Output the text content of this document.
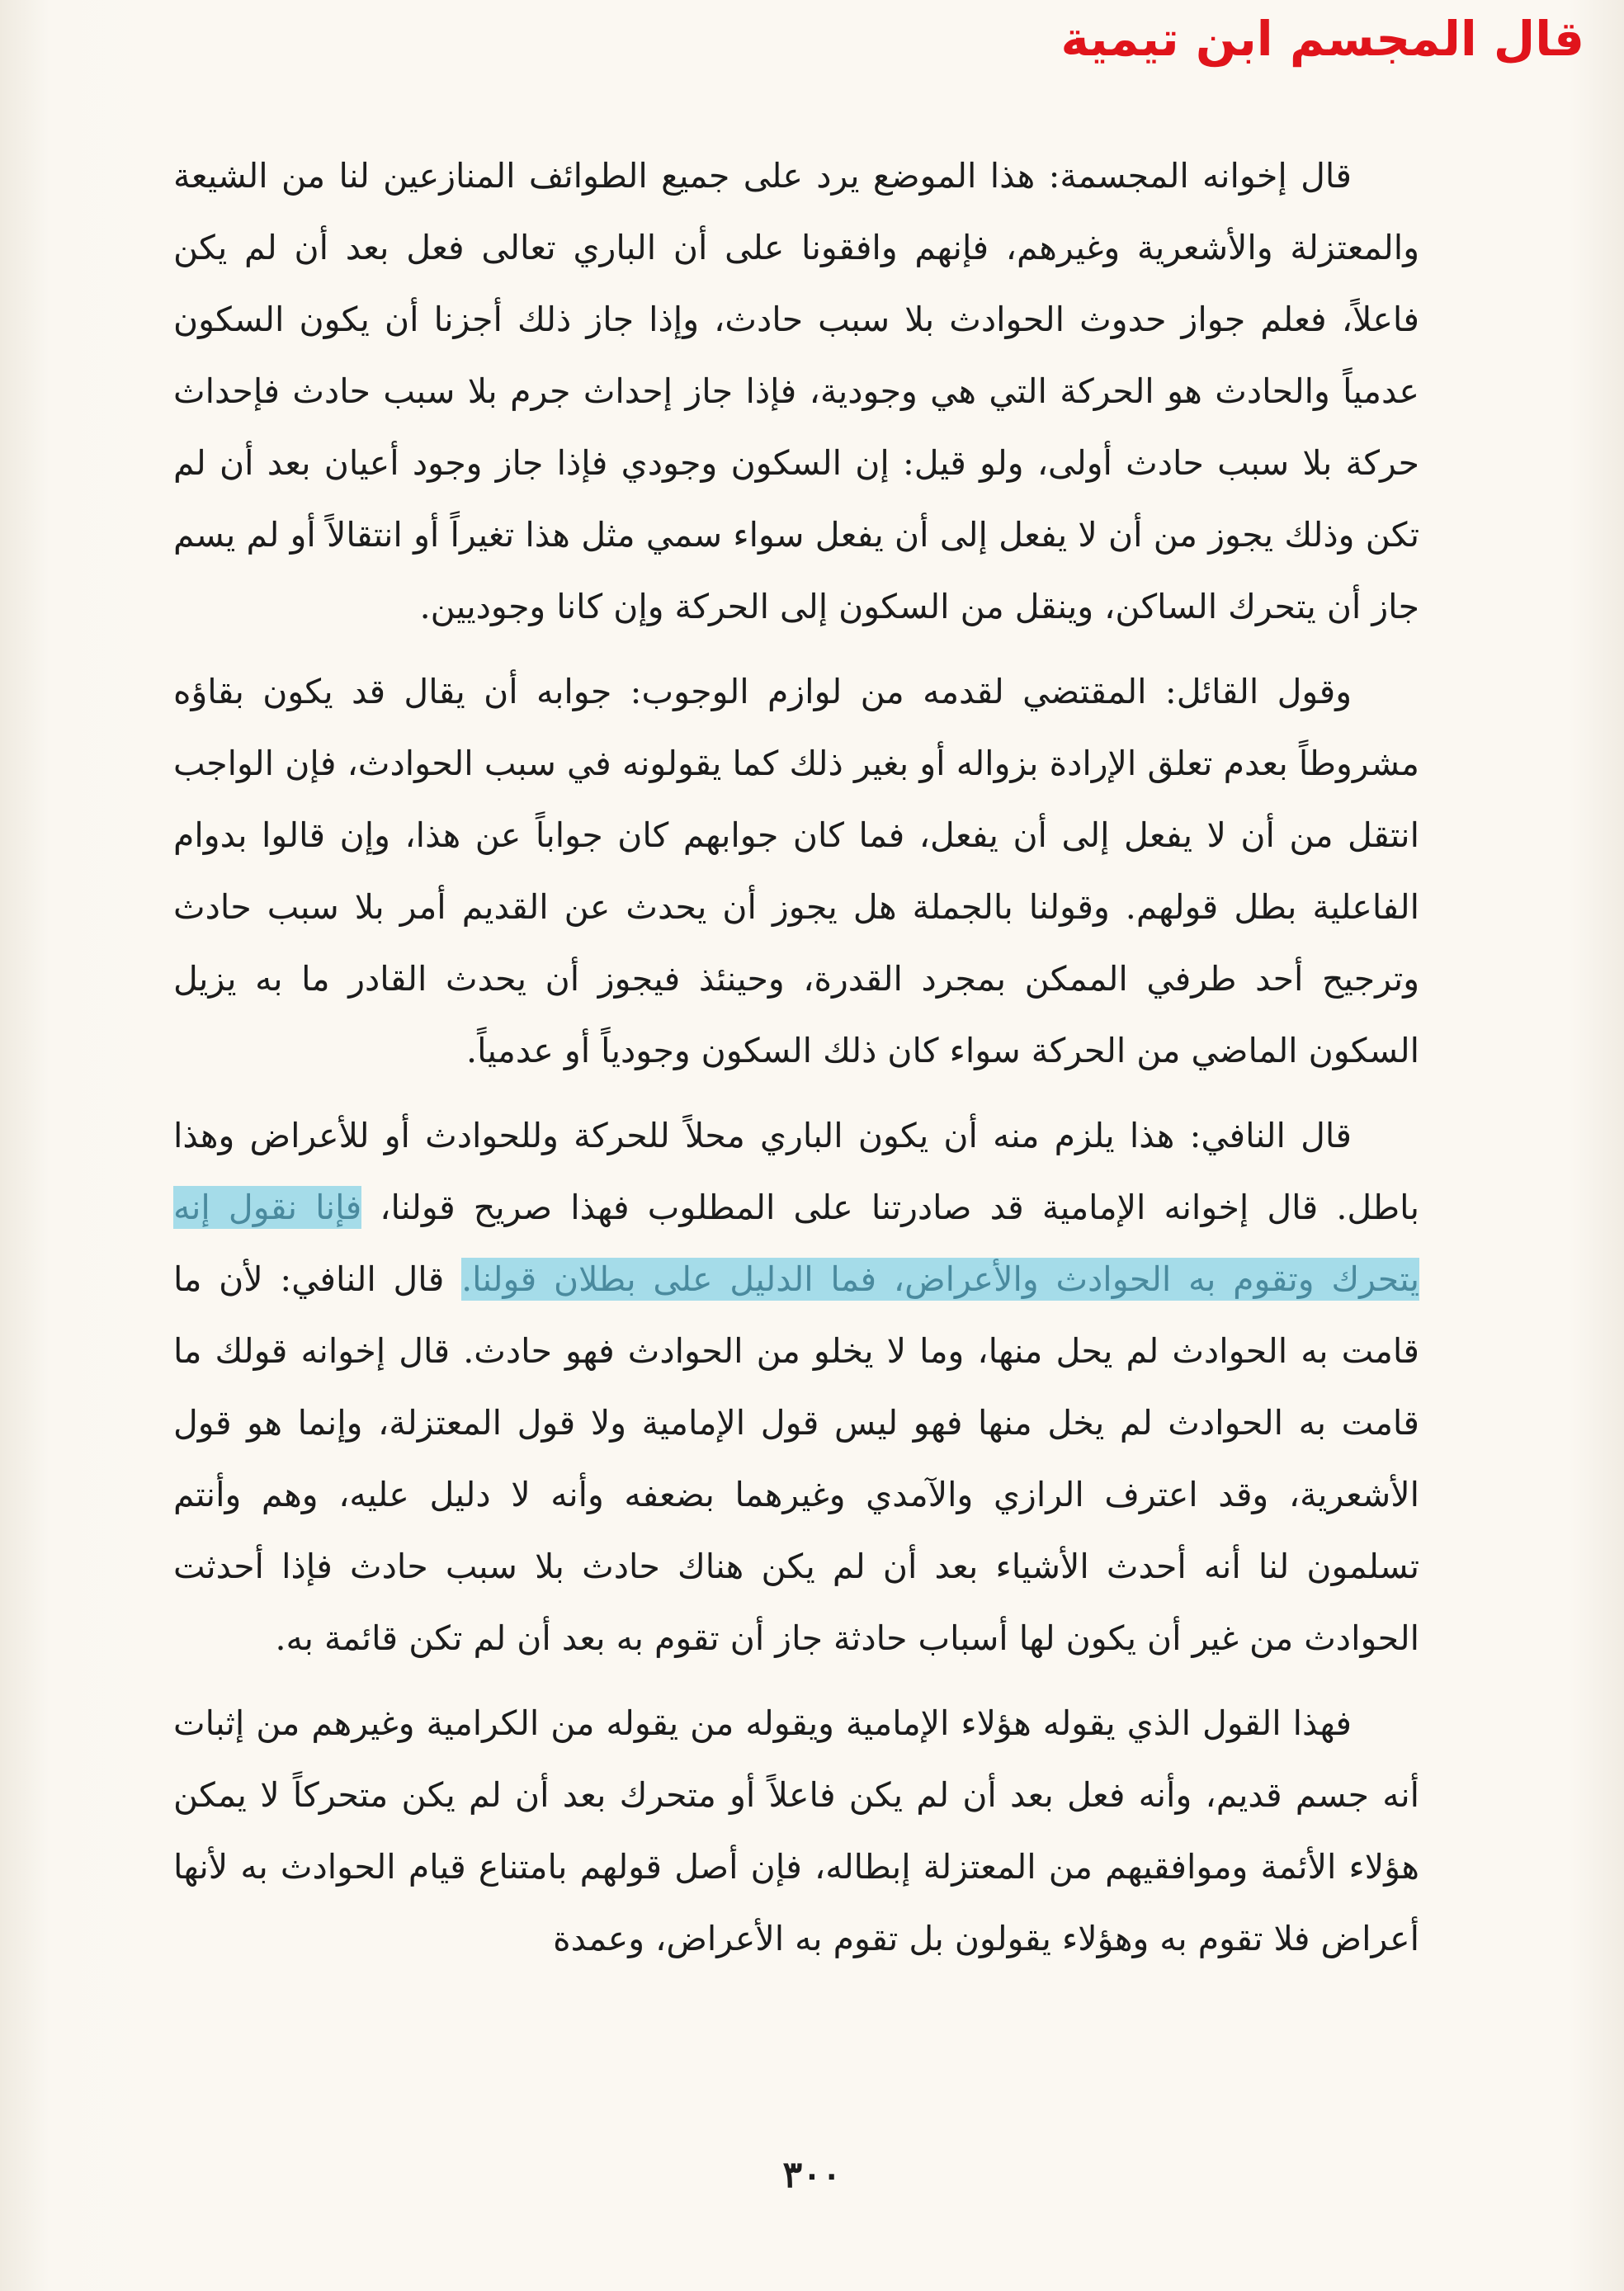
قال المجسم ابن تيمية

قال إخوانه المجسمة: هذا الموضع يرد على جميع الطوائف المنازعين لنا من الشيعة والمعتزلة والأشعرية وغيرهم، فإنهم وافقونا على أن الباري تعالى فعل بعد أن لم يكن فاعلاً، فعلم جواز حدوث الحوادث بلا سبب حادث، وإذا جاز ذلك أجزنا أن يكون السكون عدمياً والحادث هو الحركة التي هي وجودية، فإذا جاز إحداث جرم بلا سبب حادث فإحداث حركة بلا سبب حادث أولى، ولو قيل: إن السكون وجودي فإذا جاز وجود أعيان بعد أن لم تكن وذلك يجوز من أن لا يفعل إلى أن يفعل سواء سمي مثل هذا تغيراً أو انتقالاً أو لم يسم جاز أن يتحرك الساكن، وينقل من السكون إلى الحركة وإن كانا وجوديين.

وقول القائل: المقتضي لقدمه من لوازم الوجوب: جوابه أن يقال قد يكون بقاؤه مشروطاً بعدم تعلق الإرادة بزواله أو بغير ذلك كما يقولونه في سبب الحوادث، فإن الواجب انتقل من أن لا يفعل إلى أن يفعل، فما كان جوابهم كان جواباً عن هذا، وإن قالوا بدوام الفاعلية بطل قولهم. وقولنا بالجملة هل يجوز أن يحدث عن القديم أمر بلا سبب حادث وترجيح أحد طرفي الممكن بمجرد القدرة، وحينئذ فيجوز أن يحدث القادر ما به يزيل السكون الماضي من الحركة سواء كان ذلك السكون وجودياً أو عدمياً.

قال النافي: هذا يلزم منه أن يكون الباري محلاً للحركة وللحوادث أو للأعراض وهذا باطل. قال إخوانه الإمامية قد صادرتنا على المطلوب فهذا صريح قولنا، فإنا نقول إنه يتحرك وتقوم به الحوادث والأعراض، فما الدليل على بطلان قولنا. قال النافي: لأن ما قامت به الحوادث لم يحل منها، وما لا يخلو من الحوادث فهو حادث. قال إخوانه قولك ما قامت به الحوادث لم يخل منها فهو ليس قول الإمامية ولا قول المعتزلة، وإنما هو قول الأشعرية، وقد اعترف الرازي والآمدي وغيرهما بضعفه وأنه لا دليل عليه، وهم وأنتم تسلمون لنا أنه أحدث الأشياء بعد أن لم يكن هناك حادث بلا سبب حادث فإذا أحدثت الحوادث من غير أن يكون لها أسباب حادثة جاز أن تقوم به بعد أن لم تكن قائمة به.

فهذا القول الذي يقوله هؤلاء الإمامية ويقوله من يقوله من الكرامية وغيرهم من إثبات أنه جسم قديم، وأنه فعل بعد أن لم يكن فاعلاً أو متحرك بعد أن لم يكن متحركاً لا يمكن هؤلاء الأئمة وموافقيهم من المعتزلة إبطاله، فإن أصل قولهم بامتناع قيام الحوادث به لأنها أعراض فلا تقوم به وهؤلاء يقولون بل تقوم به الأعراض، وعمدة

٣٠٠
